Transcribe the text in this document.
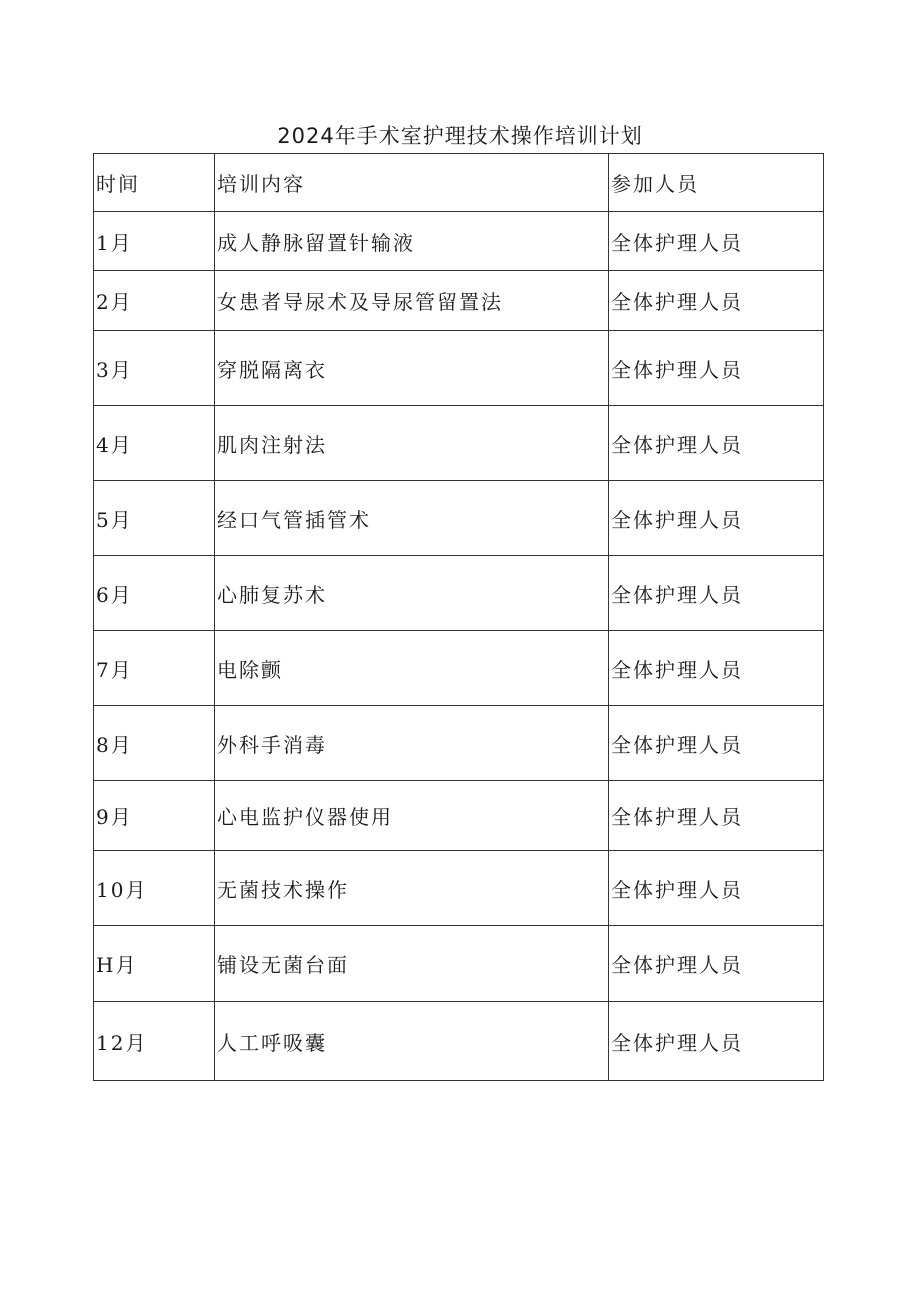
2024年手术室护理技术操作培训计划
时间	培训内容	参加人员
1月	成人静脉留置针输液	全体护理人员
2月	女患者导尿术及导尿管留置法	全体护理人员
3月	穿脱隔离衣	全体护理人员
4月	肌肉注射法	全体护理人员
5月	经口气管插管术	全体护理人员
6月	心肺复苏术	全体护理人员
7月	电除颤	全体护理人员
8月	外科手消毒	全体护理人员
9月	心电监护仪器使用	全体护理人员
10月	无菌技术操作	全体护理人员
H月	铺设无菌台面	全体护理人员
12月	人工呼吸囊	全体护理人员
